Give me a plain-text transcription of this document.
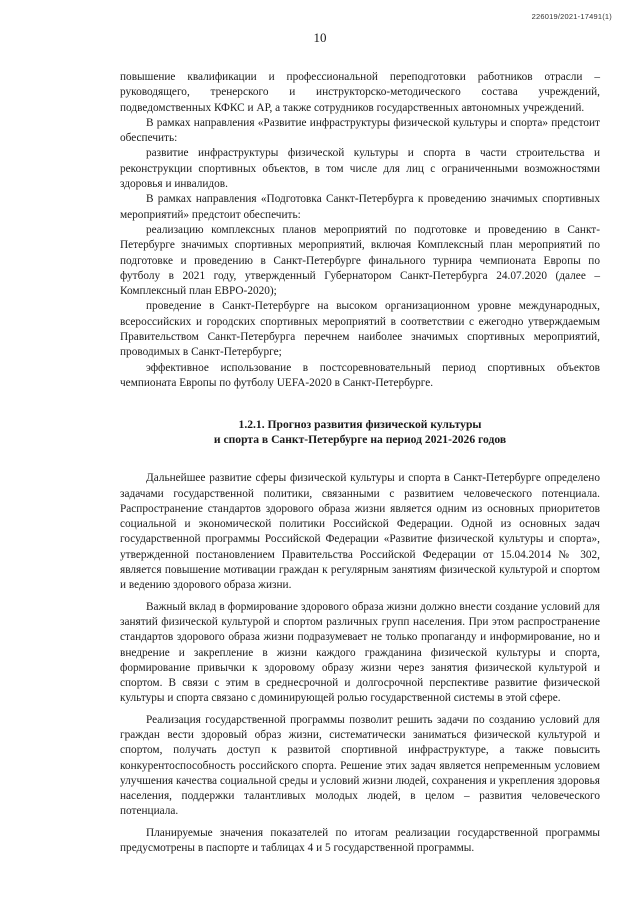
226019/2021-17491(1)
10

повышение квалификации и профессиональной переподготовки работников отрасли – руководящего, тренерского и инструкторско-методического состава учреждений, подведомственных КФКС и АР, а также сотрудников государственных автономных учреждений.

В рамках направления «Развитие инфраструктуры физической культуры и спорта» предстоит обеспечить:

развитие инфраструктуры физической культуры и спорта в части строительства и реконструкции спортивных объектов, в том числе для лиц с ограниченными возможностями здоровья и инвалидов.

В рамках направления «Подготовка Санкт-Петербурга к проведению значимых спортивных мероприятий» предстоит обеспечить:

реализацию комплексных планов мероприятий по подготовке и проведению в Санкт-Петербурге значимых спортивных мероприятий, включая Комплексный план мероприятий по подготовке и проведению в Санкт-Петербурге финального турнира чемпионата Европы по футболу в 2021 году, утвержденный Губернатором Санкт-Петербурга 24.07.2020 (далее – Комплексный план ЕВРО-2020);

проведение в Санкт-Петербурге на высоком организационном уровне международных, всероссийских и городских спортивных мероприятий в соответствии с ежегодно утверждаемым Правительством Санкт-Петербурга перечнем наиболее значимых спортивных мероприятий, проводимых в Санкт-Петербурге;

эффективное использование в постсоревновательный период спортивных объектов чемпионата Европы по футболу UEFA-2020 в Санкт-Петербурге.

1.2.1. Прогноз развития физической культуры
и спорта в Санкт-Петербурге на период 2021-2026 годов

Дальнейшее развитие сферы физической культуры и спорта в Санкт-Петербурге определено задачами государственной политики, связанными с развитием человеческого потенциала. Распространение стандартов здорового образа жизни является одним из основных приоритетов социальной и экономической политики Российской Федерации. Одной из основных задач государственной программы Российской Федерации «Развитие физической культуры и спорта», утвержденной постановлением Правительства Российской Федерации от 15.04.2014 № 302, является повышение мотивации граждан к регулярным занятиям физической культурой и спортом и ведению здорового образа жизни.

Важный вклад в формирование здорового образа жизни должно внести создание условий для занятий физической культурой и спортом различных групп населения. При этом распространение стандартов здорового образа жизни подразумевает не только пропаганду и информирование, но и внедрение и закрепление в жизни каждого гражданина физической культуры и спорта, формирование привычки к здоровому образу жизни через занятия физической культурой и спортом. В связи с этим в среднесрочной и долгосрочной перспективе развитие физической культуры и спорта связано с доминирующей ролью государственной системы в этой сфере.

Реализация государственной программы позволит решить задачи по созданию условий для граждан вести здоровый образ жизни, систематически заниматься физической культурой и спортом, получать доступ к развитой спортивной инфраструктуре, а также повысить конкурентоспособность российского спорта. Решение этих задач является непременным условием улучшения качества социальной среды и условий жизни людей, сохранения и укрепления здоровья населения, поддержки талантливых молодых людей, в целом – развития человеческого потенциала.

Планируемые значения показателей по итогам реализации государственной программы предусмотрены в паспорте и таблицах 4 и 5 государственной программы.
